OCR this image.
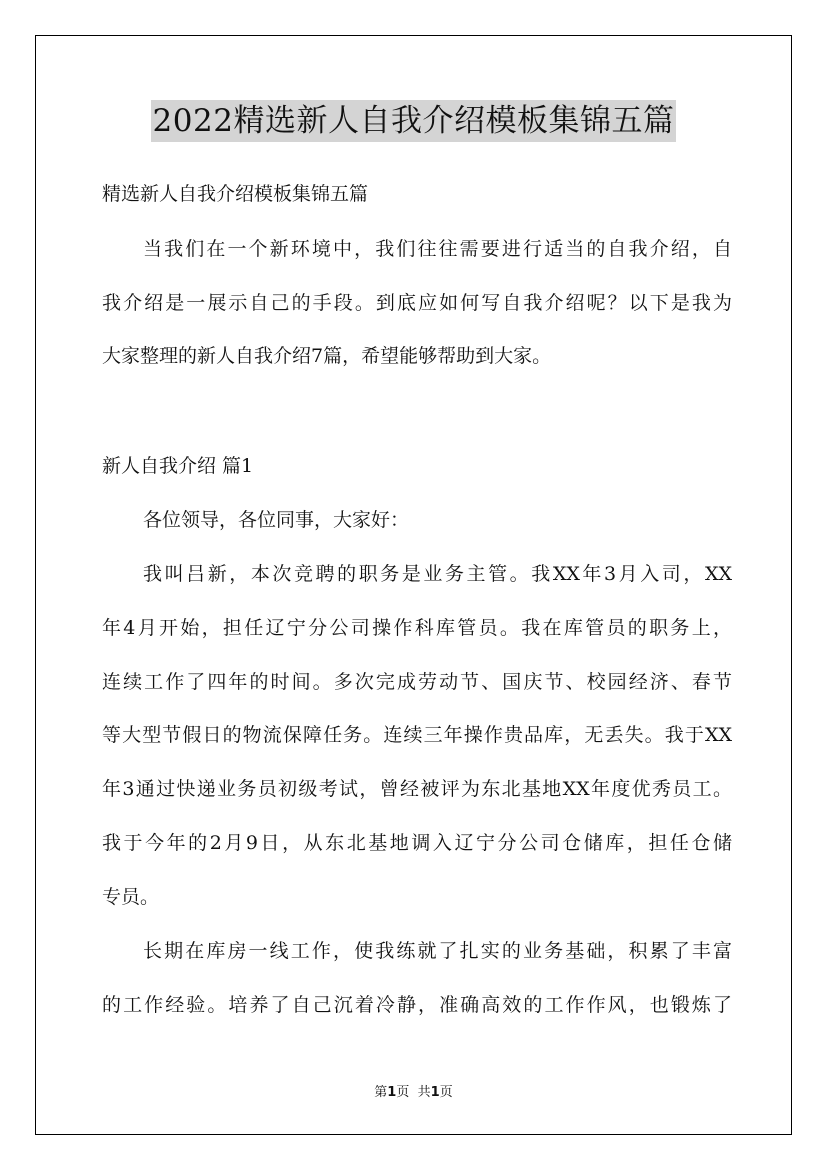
2022精选新人自我介绍模板集锦五篇
精选新人自我介绍模板集锦五篇
当我们在一个新环境中，我们往往需要进行适当的自我介绍，自
我介绍是一展示自己的手段。到底应如何写自我介绍呢？以下是我为
大家整理的新人自我介绍7篇，希望能够帮助到大家。
新人自我介绍 篇1
各位领导，各位同事，大家好：
我叫吕新，本次竞聘的职务是业务主管。我XX年3月入司，XX
年4月开始，担任辽宁分公司操作科库管员。我在库管员的职务上，
连续工作了四年的时间。多次完成劳动节、国庆节、校园经济、春节
等大型节假日的物流保障任务。连续三年操作贵品库，无丢失。我于XX
年3通过快递业务员初级考试，曾经被评为东北基地XX年度优秀员工。
我于今年的2月9日，从东北基地调入辽宁分公司仓储库，担任仓储
专员。
长期在库房一线工作，使我练就了扎实的业务基础，积累了丰富
的工作经验。培养了自己沉着冷静，准确高效的工作作风，也锻炼了
第1页 共1页
